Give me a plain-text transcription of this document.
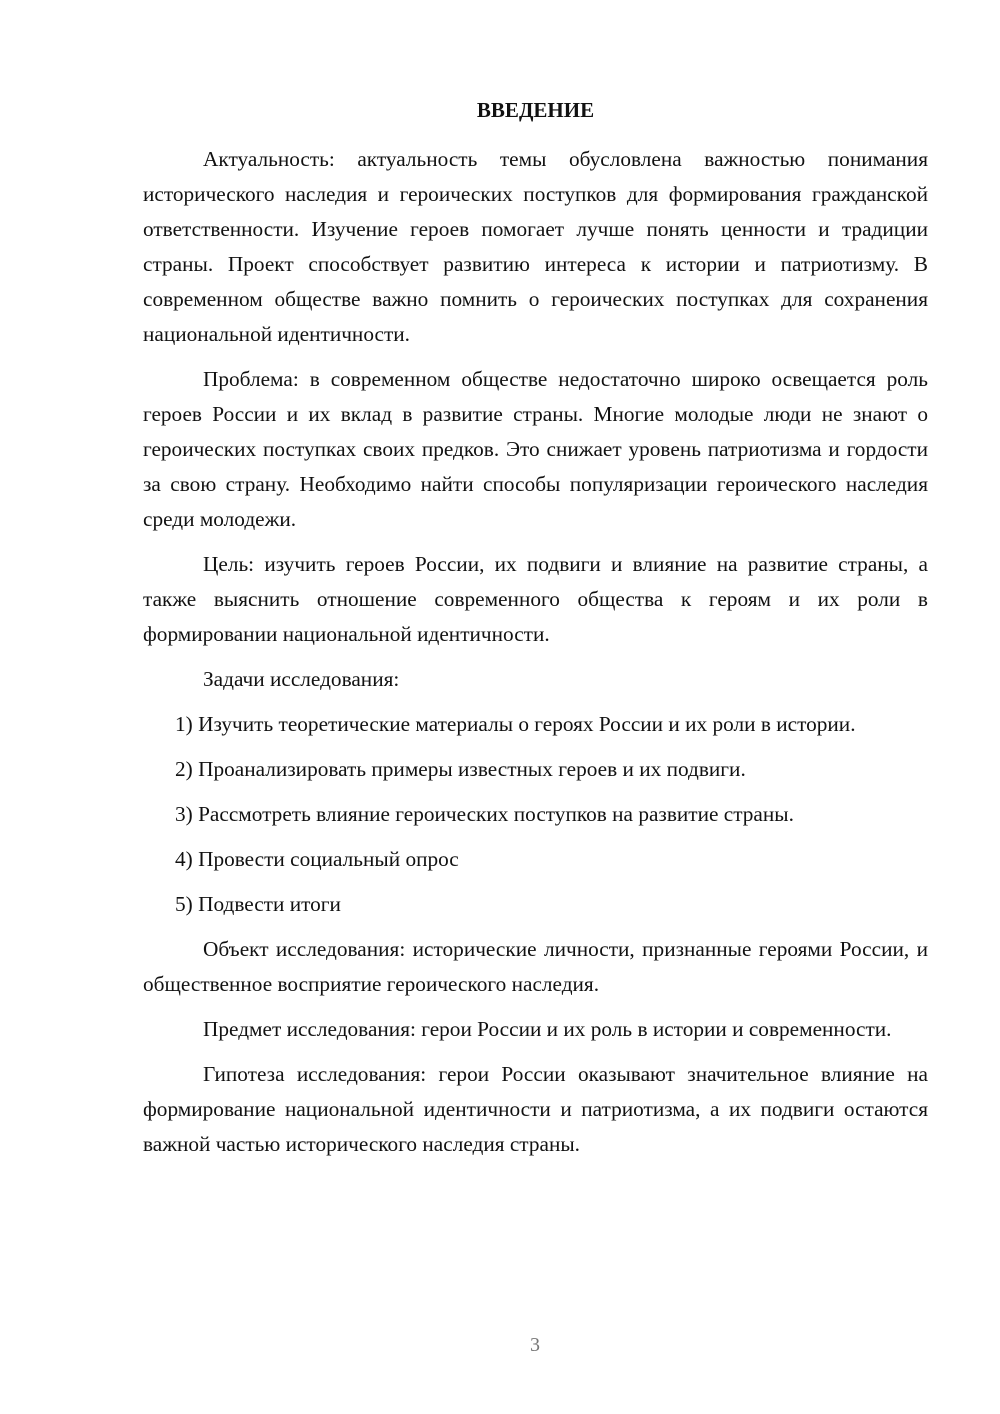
ВВЕДЕНИЕ

Актуальность: актуальность темы обусловлена важностью понимания исторического наследия и героических поступков для формирования гражданской ответственности. Изучение героев помогает лучше понять ценности и традиции страны. Проект способствует развитию интереса к истории и патриотизму. В современном обществе важно помнить о героических поступках для сохранения национальной идентичности.

Проблема: в современном обществе недостаточно широко освещается роль героев России и их вклад в развитие страны. Многие молодые люди не знают о героических поступках своих предков. Это снижает уровень патриотизма и гордости за свою страну. Необходимо найти способы популяризации героического наследия среди молодежи.

Цель: изучить героев России, их подвиги и влияние на развитие страны, а также выяснить отношение современного общества к героям и их роли в формировании национальной идентичности.

Задачи исследования:

1) Изучить теоретические материалы о героях России и их роли в истории.

2) Проанализировать примеры известных героев и их подвиги.

3) Рассмотреть влияние героических поступков на развитие страны.

4) Провести социальный опрос

5) Подвести итоги

Объект исследования: исторические личности, признанные героями России, и общественное восприятие героического наследия.

Предмет исследования: герои России и их роль в истории и современности.

Гипотеза исследования: герои России оказывают значительное влияние на формирование национальной идентичности и патриотизма, а их подвиги остаются важной частью исторического наследия страны.

3
